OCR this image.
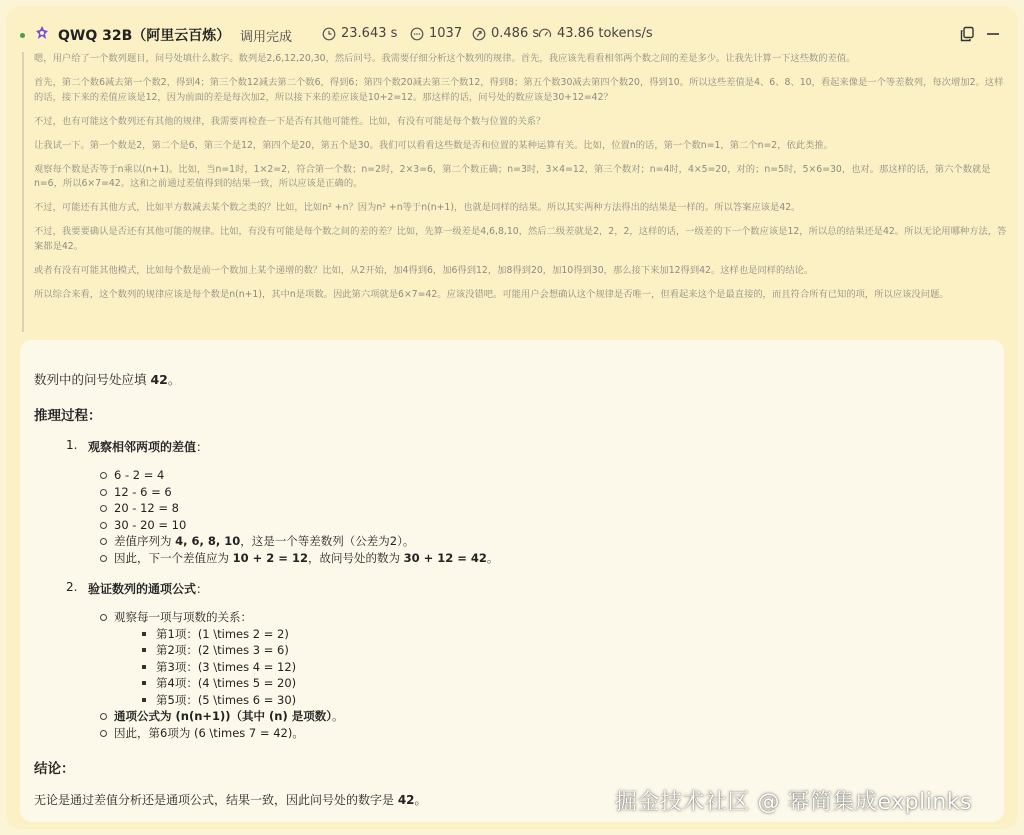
QWQ 32B（阿里云百炼） 调用完成	23.643 s 1037 0.486 s 43.86 tokens/s

嗯，用户给了一个数列题目，问号处填什么数字。数列是2,6,12,20,30，然后问号。我需要仔细分析这个数列的规律。首先，我应该先看看相邻两个数之间的差是多少。让我先计算一下这些数的差值。

首先，第二个数6减去第一个数2，得到4；第三个数12减去第二个数6，得到6；第四个数20减去第三个数12，得到8；第五个数30减去第四个数20，得到10。所以这些差值是4、6、8、10，看起来像是一个等差数列，每次增加2。这样的话，接下来的差值应该是12，因为前面的差是每次加2，所以接下来的差应该是10+2=12。那这样的话，问号处的数应该是30+12=42？

不过，也有可能这个数列还有其他的规律，我需要再检查一下是否有其他可能性。比如，有没有可能是每个数与位置的关系？

让我试一下。第一个数是2，第二个是6，第三个是12，第四个是20，第五个是30。我们可以看看这些数是否和位置的某种运算有关。比如，位置n的话，第一个数n=1，第二个n=2，依此类推。

观察每个数是否等于n乘以(n+1)。比如，当n=1时，1×2=2，符合第一个数；n=2时，2×3=6，第二个数正确；n=3时，3×4=12，第三个数对；n=4时，4×5=20，对的；n=5时，5×6=30，也对。那这样的话，第六个数就是n=6，所以6×7=42。这和之前通过差值得到的结果一致，所以应该是正确的。

不过，可能还有其他方式，比如平方数减去某个数之类的？比如，比如n² +n？因为n² +n等于n(n+1)，也就是同样的结果。所以其实两种方法得出的结果是一样的。所以答案应该是42。

不过，我要要确认是否还有其他可能的规律。比如，有没有可能是每个数之间的差的差？比如，先算一级差是4,6,8,10，然后二级差就是2，2，2，这样的话，一级差的下一个数应该是12，所以总的结果还是42。所以无论用哪种方法，答案都是42。

或者有没有可能其他模式，比如每个数是前一个数加上某个递增的数？比如，从2开始，加4得到6，加6得到12，加8得到20，加10得到30，那么接下来加12得到42。这样也是同样的结论。

所以综合来看，这个数列的规律应该是每个数是n(n+1)，其中n是项数。因此第六项就是6×7=42。应该没错吧。可能用户会想确认这个规律是否唯一，但看起来这个是最直接的，而且符合所有已知的项，所以应该没问题。

数列中的问号处应填 42。

推理过程：
1. 观察相邻两项的差值：
6 - 2 = 4
12 - 6 = 6
20 - 12 = 8
30 - 20 = 10
差值序列为 4, 6, 8, 10，这是一个等差数列（公差为2）。
因此，下一个差值应为 10 + 2 = 12，故问号处的数为 30 + 12 = 42。
2. 验证数列的通项公式：
观察每一项与项数的关系：
第1项：(1 \times 2 = 2)
第2项：(2 \times 3 = 6)
第3项：(3 \times 4 = 12)
第4项：(4 \times 5 = 20)
第5项：(5 \times 6 = 30)
通项公式为 (n(n+1))（其中 (n) 是项数）。
因此，第6项为 (6 \times 7 = 42)。
结论：

无论是通过差值分析还是通项公式，结果一致，因此问号处的数字是 42。	掘金技术社区 @ 幂简集成explinks
